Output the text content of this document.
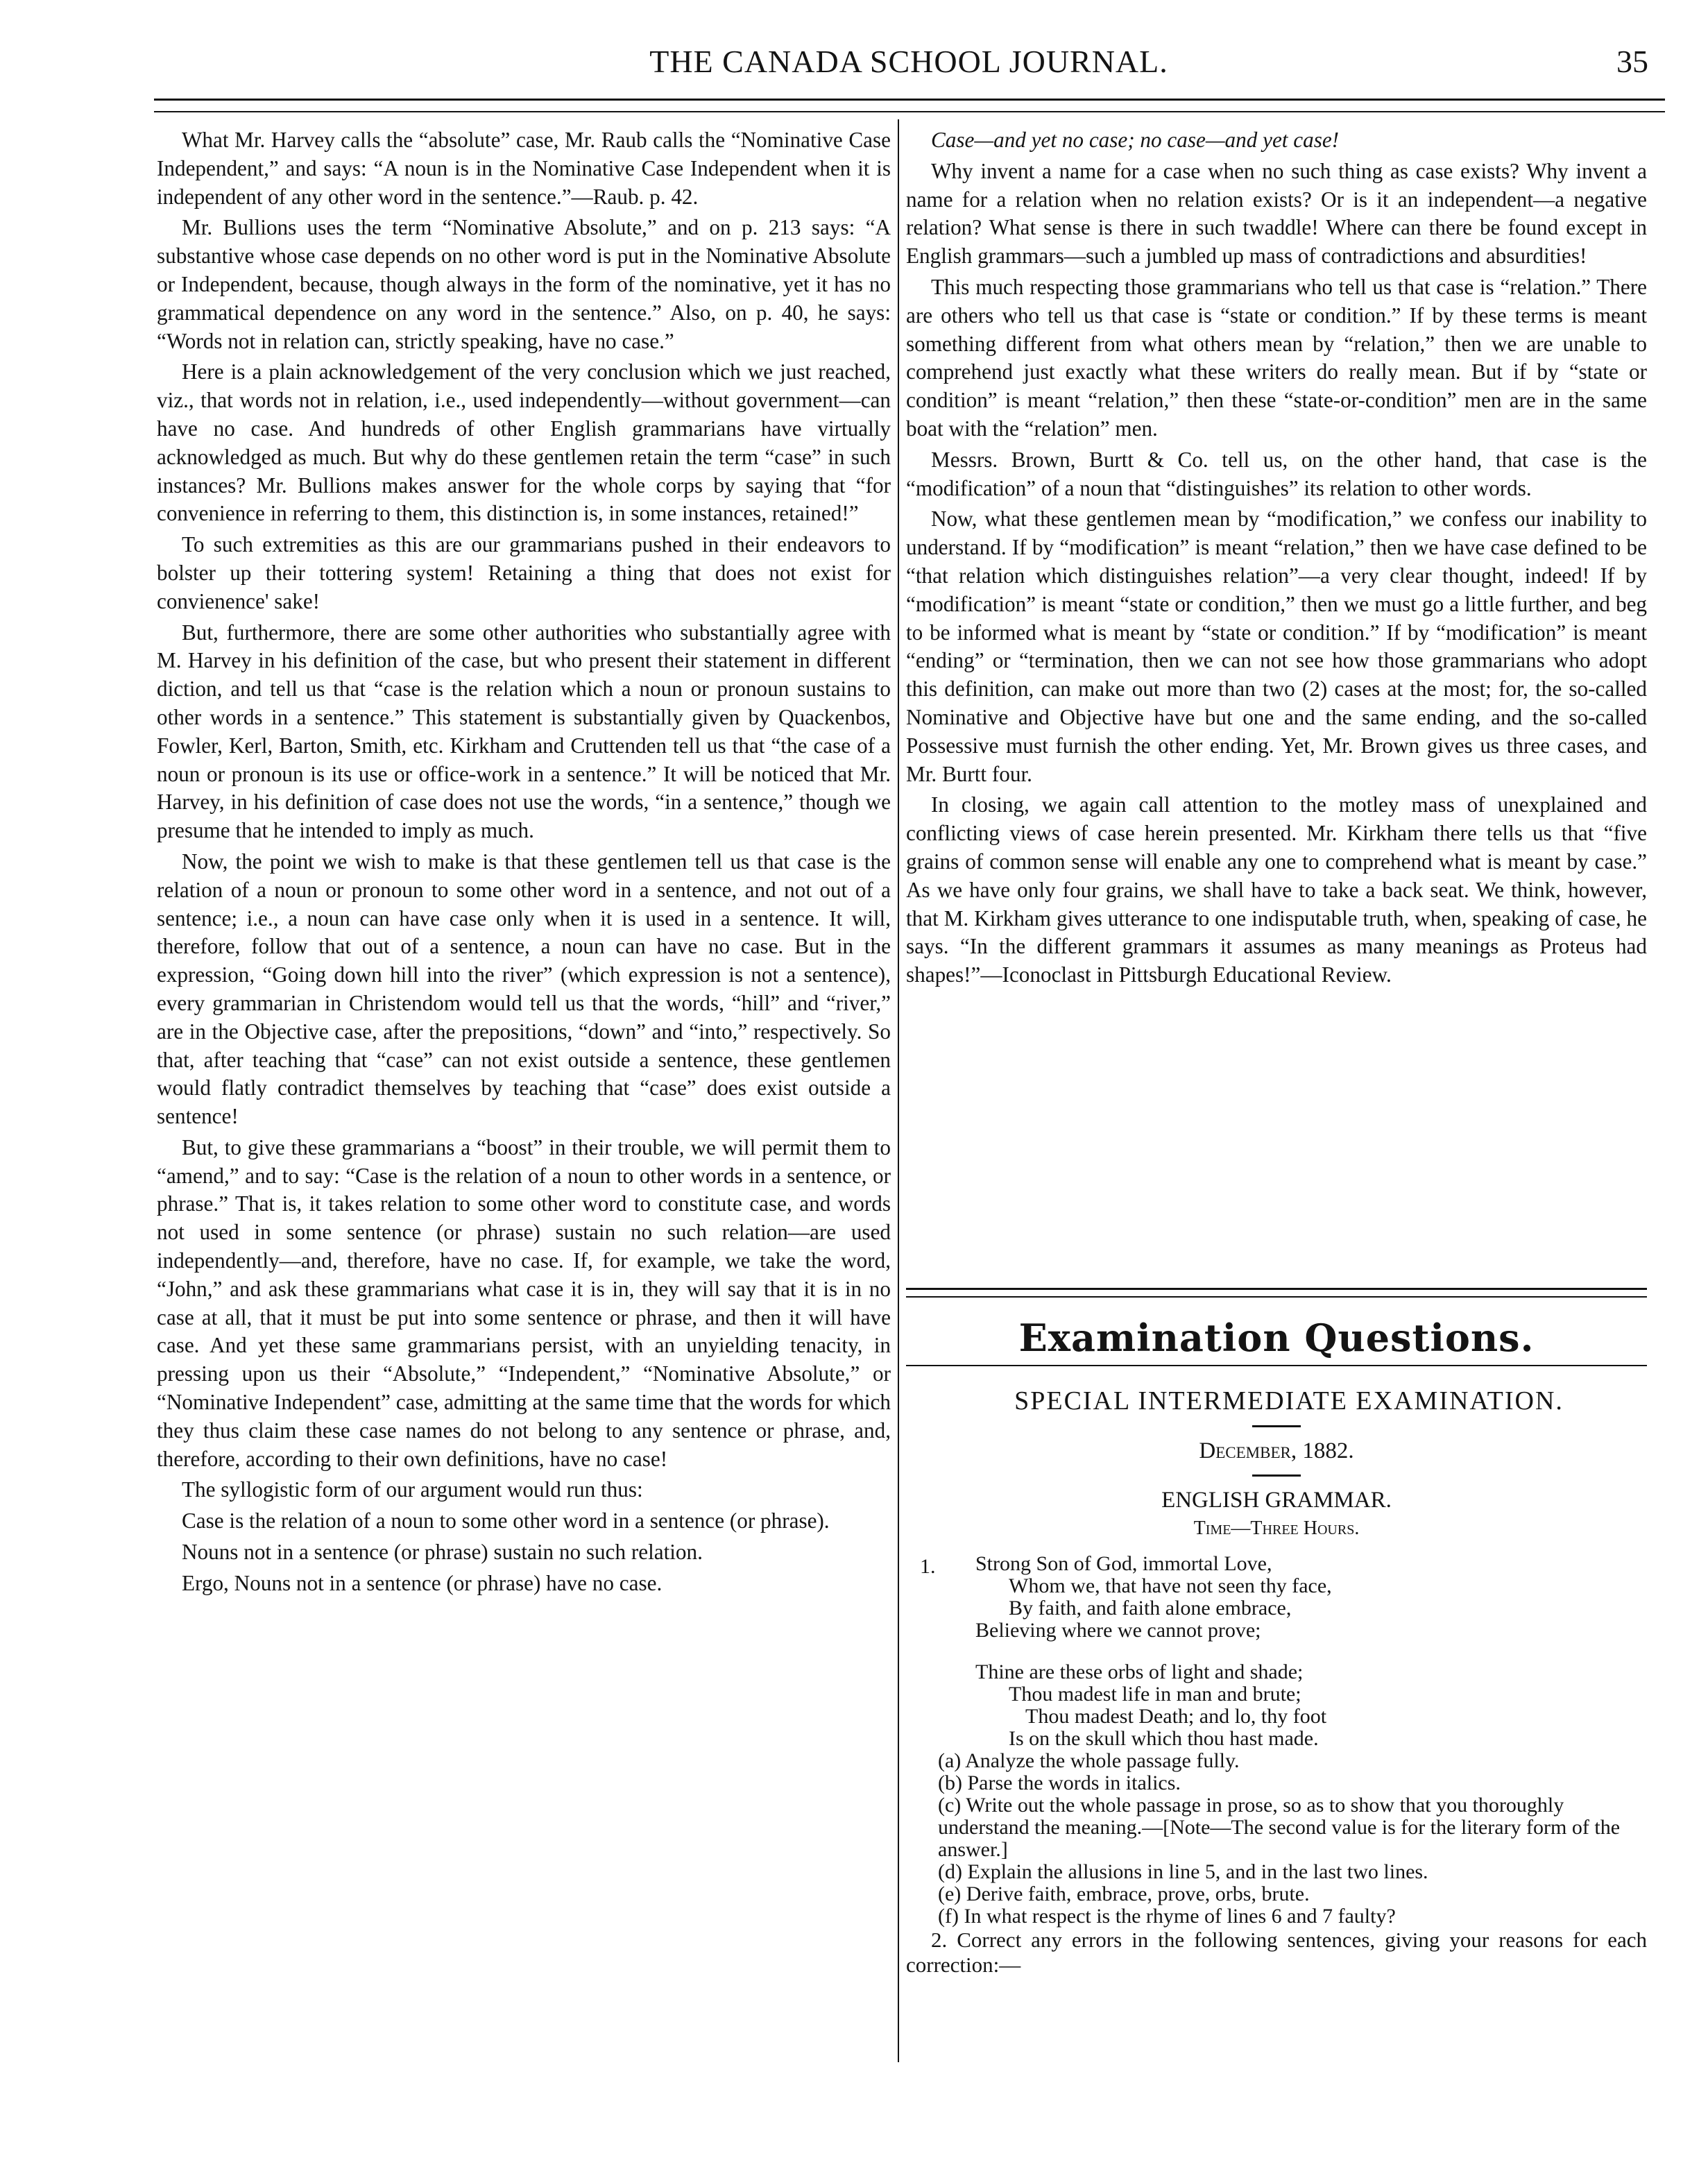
THE CANADA SCHOOL JOURNAL.	35

What Mr. Harvey calls the “absolute” case, Mr. Raub calls the “Nominative Case Independent,” and says: “A noun is in the Nominative Case Independent when it is independent of any other word in the sentence.”—Raub. p. 42.

Mr. Bullions uses the term “Nominative Absolute,” and on p. 213 says: “A substantive whose case depends on no other word is put in the Nominative Absolute or Independent, because, though always in the form of the nominative, yet it has no grammatical dependence on any word in the sentence.” Also, on p. 40, he says: “Words not in relation can, strictly speaking, have no case.”

Here is a plain acknowledgement of the very conclusion which we just reached, viz., that words not in relation, i.e., used independently—without government—can have no case. And hundreds of other English grammarians have virtually acknowledged as much. But why do these gentlemen retain the term “case” in such instances? Mr. Bullions makes answer for the whole corps by saying that “for convenience in referring to them, this distinction is, in some instances, retained!”

To such extremities as this are our grammarians pushed in their endeavors to bolster up their tottering system! Retaining a thing that does not exist for convienence' sake!

But, furthermore, there are some other authorities who substantially agree with M. Harvey in his definition of the case, but who present their statement in different diction, and tell us that “case is the relation which a noun or pronoun sustains to other words in a sentence.” This statement is substantially given by Quackenbos, Fowler, Kerl, Barton, Smith, etc. Kirkham and Cruttenden tell us that “the case of a noun or pronoun is its use or office-work in a sentence.” It will be noticed that Mr. Harvey, in his definition of case does not use the words, “in a sentence,” though we presume that he intended to imply as much.

Now, the point we wish to make is that these gentlemen tell us that case is the relation of a noun or pronoun to some other word in a sentence, and not out of a sentence; i.e., a noun can have case only when it is used in a sentence. It will, therefore, follow that out of a sentence, a noun can have no case. But in the expression, “Going down hill into the river” (which expression is not a sentence), every grammarian in Christendom would tell us that the words, “hill” and “river,” are in the Objective case, after the prepositions, “down” and “into,” respectively. So that, after teaching that “case” can not exist outside a sentence, these gentlemen would flatly contradict themselves by teaching that “case” does exist outside a sentence!

But, to give these grammarians a “boost” in their trouble, we will permit them to “amend,” and to say: “Case is the relation of a noun to other words in a sentence, or phrase.” That is, it takes relation to some other word to constitute case, and words not used in some sentence (or phrase) sustain no such relation—are used independently—and, therefore, have no case. If, for example, we take the word, “John,” and ask these grammarians what case it is in, they will say that it is in no case at all, that it must be put into some sentence or phrase, and then it will have case. And yet these same grammarians persist, with an unyielding tenacity, in pressing upon us their “Absolute,” “Independent,” “Nominative Absolute,” or “Nominative Independent” case, admitting at the same time that the words for which they thus claim these case names do not belong to any sentence or phrase, and, therefore, according to their own definitions, have no case!

The syllogistic form of our argument would run thus:

Case is the relation of a noun to some other word in a sentence (or phrase).

Nouns not in a sentence (or phrase) sustain no such relation.

Ergo, Nouns not in a sentence (or phrase) have no case.

Case—and yet no case; no case—and yet case!

Why invent a name for a case when no such thing as case exists? Why invent a name for a relation when no relation exists? Or is it an independent—a negative relation? What sense is there in such twaddle! Where can there be found except in English grammars—such a jumbled up mass of contradictions and absurdities!

This much respecting those grammarians who tell us that case is “relation.” There are others who tell us that case is “state or condition.” If by these terms is meant something different from what others mean by “relation,” then we are unable to comprehend just exactly what these writers do really mean. But if by “state or condition” is meant “relation,” then these “state-or-condition” men are in the same boat with the “relation” men.

Messrs. Brown, Burtt & Co. tell us, on the other hand, that case is the “modification” of a noun that “distinguishes” its relation to other words.

Now, what these gentlemen mean by “modification,” we confess our inability to understand. If by “modification” is meant “relation,” then we have case defined to be “that relation which distinguishes relation”—a very clear thought, indeed! If by “modification” is meant “state or condition,” then we must go a little further, and beg to be informed what is meant by “state or condition.” If by “modification” is meant “ending” or “termination, then we can not see how those grammarians who adopt this definition, can make out more than two (2) cases at the most; for, the so-called Nominative and Objective have but one and the same ending, and the so-called Possessive must furnish the other ending. Yet, Mr. Brown gives us three cases, and Mr. Burtt four.

In closing, we again call attention to the motley mass of unexplained and conflicting views of case herein presented. Mr. Kirkham there tells us that “five grains of common sense will enable any one to comprehend what is meant by case.” As we have only four grains, we shall have to take a back seat. We think, however, that M. Kirkham gives utterance to one indisputable truth, when, speaking of case, he says. “In the different grammars it assumes as many meanings as Proteus had shapes!”—Iconoclast in Pittsburgh Educational Review.

Examination Questions.

SPECIAL INTERMEDIATE EXAMINATION.

December, 1882.
ENGLISH GRAMMAR.
Time—Three Hours.
1. Strong Son of God, immortal Love,
Whom we, that have not seen thy face,
By faith, and faith alone embrace,
Believing where we cannot prove;
Thine are these orbs of light and shade;
Thou madest life in man and brute;
Thou madest Death; and lo, thy foot
Is on the skull which thou hast made.
(a) Analyze the whole passage fully.
(b) Parse the words in italics.
(c) Write out the whole passage in prose, so as to show that you thoroughly understand the meaning.—[Note—The second value is for the literary form of the answer.]
(d) Explain the allusions in line 5, and in the last two lines.
(e) Derive faith, embrace, prove, orbs, brute.
(f) In what respect is the rhyme of lines 6 and 7 faulty?

2. Correct any errors in the following sentences, giving your reasons for each correction:—
